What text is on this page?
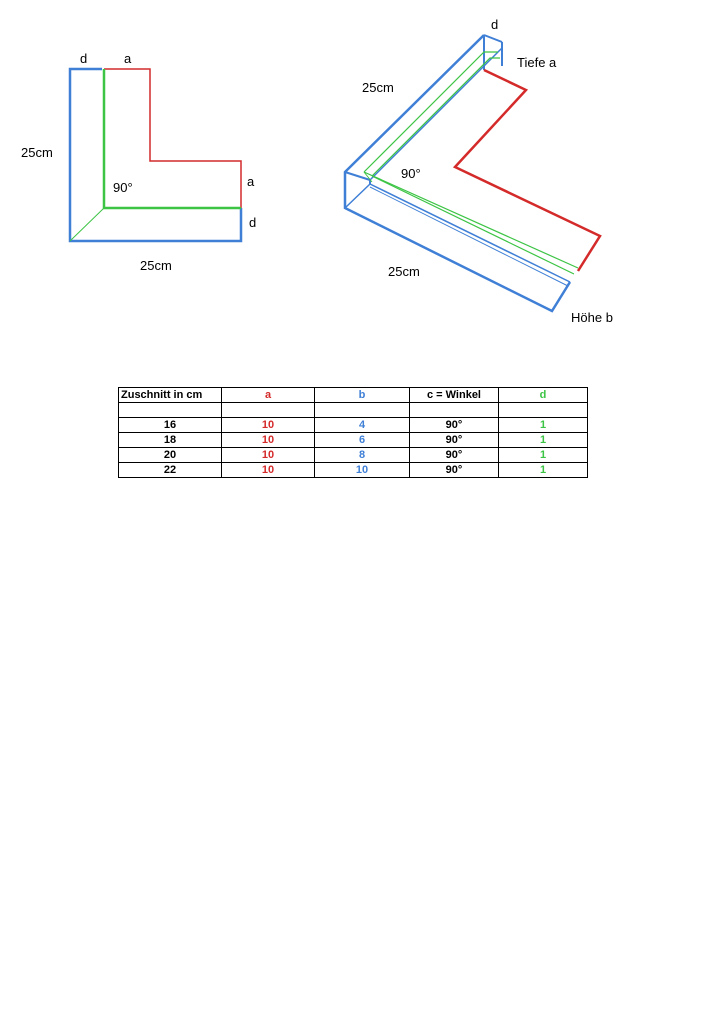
d	a
25cm
90°	a
d
25cm
d
Tiefe a
25cm
90°
25cm
Höhe b
Zuschnitt in cm	a	b	c = Winkel	d

16	10	4	90°	1
18	10	6	90°	1
20	10	8	90°	1
22	10	10	90°	1
